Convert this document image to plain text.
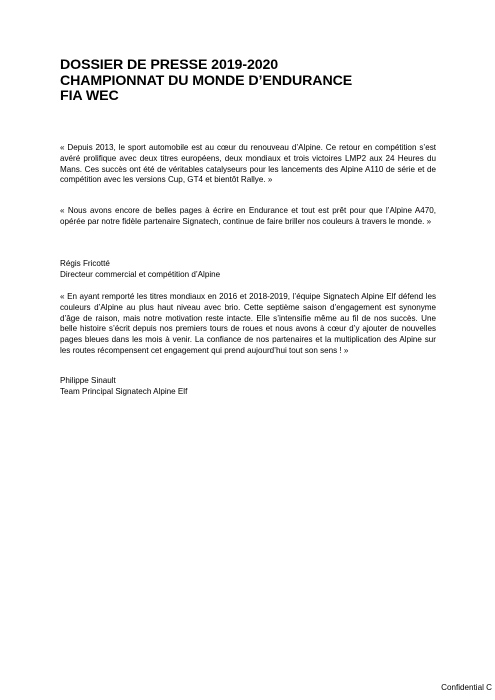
DOSSIER DE PRESSE 2019-2020
CHAMPIONNAT DU MONDE D’ENDURANCE
FIA WEC

« Depuis 2013, le sport automobile est au cœur du renouveau d’Alpine. Ce retour en compétition s’est avéré prolifique avec deux titres européens, deux mondiaux et trois victoires LMP2 aux 24 Heures du Mans. Ces succès ont été de véritables catalyseurs pour les lancements des Alpine A110 de série et de compétition avec les versions Cup, GT4 et bientôt Rallye. »

« Nous avons encore de belles pages à écrire en Endurance et tout est prêt pour que l’Alpine A470, opérée par notre fidèle partenaire Signatech, continue de faire briller nos couleurs à travers le monde. »

Régis Fricotté
Directeur commercial et compétition d’Alpine

« En ayant remporté les titres mondiaux en 2016 et 2018-2019, l’équipe Signatech Alpine Elf défend les couleurs d’Alpine au plus haut niveau avec brio. Cette septième saison d’engagement est synonyme d’âge de raison, mais notre motivation reste intacte. Elle s’intensifie même au fil de nos succès. Une belle histoire s’écrit depuis nos premiers tours de roues et nous avons à cœur d’y ajouter de nouvelles pages bleues dans les mois à venir. La confiance de nos partenaires et la multiplication des Alpine sur les routes récompensent cet engagement qui prend aujourd’hui tout son sens ! »

Philippe Sinault
Team Principal Signatech Alpine Elf
Confidential C
